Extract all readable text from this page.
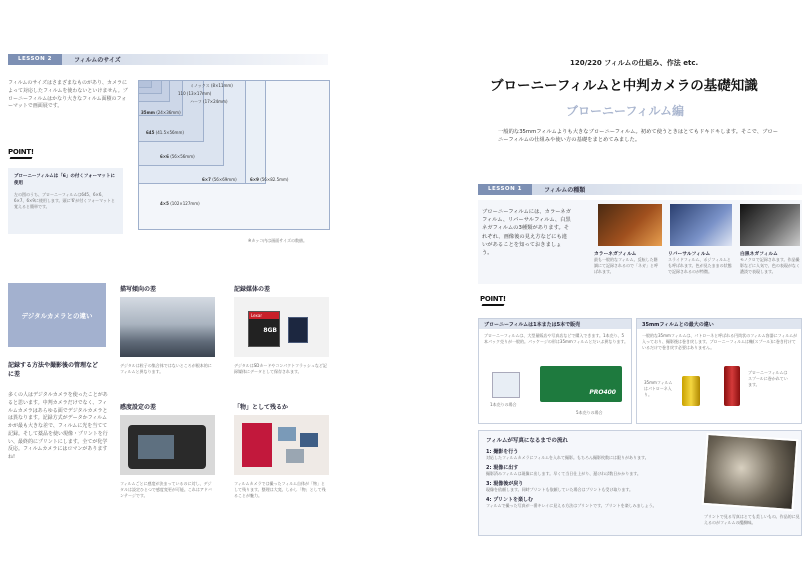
LESSON 2	フィルムのサイズ
フィルムのサイズはさまざまなものがあり、カメラによって対応したフィルムを使わないといけません。ブローニーフィルムはかなり大きなフィルム面積のフォーマットで画面展です。
POINT!
ブローニーフィルムは「6」の付くフォーマットに使用
左の図のうち、ブローニーフィルムは645、6×6、6×7、6×9に使用します。頭に'6'が付くフォーマットと覚えると簡単です。
ミノックス (8×11mm)
110 (13×17mm)
ハーフ (17×24mm)
35mm (24×36mm)
645 (41.5×56mm)
6×6 (56×56mm)
6×7 (56×69mm)	6×9 (56×82.5mm)
4×5 (102×127mm)
※カッコ内は画面サイズの数値。
デジタルカメラとの違い
記録する方法や撮影後の管理などに差
多くの人はデジタルカメラを使ったことがあると思います。中判カメラだけでなく、フィルムカメラはあらゆる面でデジタルカメラとは異なります。記録方式がデータかフィルムかが最も大きな差で、フィルムに光を当てて記録。そして薬品を使い現像・プリントを行い、最終的にプリントにします。全てが化学反応。フィルムカメラにはロマンがありますね!
描写傾向の差
デジタルは粒子の集合体ではないところが根本的にフィルムと異なります。
記録媒体の差
Lexar
8GB
デジタルはSDカードやコンパクトフラッシュなど記録媒体にデータとして保存されます。
感度設定の差
フィルムごとに感度が決まっているのに対し、デジタルは設定ひとつで感度変更が可能。これはアドバンテージです。
「物」として残るか
フィルムカメラでは撮ったフィルム自体が「物」として残ります。整理は大変。しかし「物」として残ることが魅力。
120/220 フィルムの仕組み、作法 etc.
ブローニーフィルムと中判カメラの基礎知識
ブローニーフィルム編
一般的な35mmフィルムよりも大きなブローニーフィルム。初めて使うときはとてもドキドキします。そこで、ブローニーフィルムの仕組みや使い方の基礎をまとめてみました。
LESSON 1	フィルムの種類
ブローニーフィルムには、カラーネガフィルム、リバーサルフィルム、白黒ネガフィルムの3種類があります。それぞれ、画像後の見え方などにも違いがあることを知っておきましょう。	カラーネガフィルム
最も一般的なフィルム。反転した階調にて記録されるので「ネガ」と呼ばれます。
リバーサルフィルム
スライドフィルム、ポジフィルムとも呼ばれます。色が見たままの状態で記録されるのが特徴。
白黒ネガフィルム
モノクロで記録されます。作品撮影などに人気で、色の表現がなく濃淡で表現します。
POINT!
ブローニーフィルムは1本または5本で販売
ブローニーフィルムは、大型量販店や写真店などで購入できます。1本売り、5本パック売りが一般的。パッケージの形は35mmフィルムとだいぶ異なります。
PRO400
1本売りの場合
5本売りの場合
35mmフィルムとの最大の違い
一般的な35mmフィルムは、パトローネと呼ばれる円筒状のフィルム容器にフィルムが入っており、撮影後は巻き戻します。ブローニーフィルムは軸(スプール)に巻き付けているだけで巻き戻す必要はありません。
35mmフィルムはパトローネ入り。
ブローニーフィルムはスプールに巻かれています。
フィルムが写真になるまでの流れ
1: 撮影を行う
対応したフィルムカメラにフィルムを入れて撮影。もちろん撮影枚数には限りがあります。
2: 現像に出す
撮影済みフィルムは現像に出します。早くて当日仕上がり、遅ければ数日かかります。
3: 現像後が戻り
現像を依頼します。同時プリントも依頼していた場合はプリントも受け取ります。
4: プリントを楽しむ
フィルムで撮った写真が一番キレイに見える方法はプリントです。プリントを楽しみましょう。
プリントで見る写真はとても美しいもの。作品的に見えるのがフィルムの醍醐味。
